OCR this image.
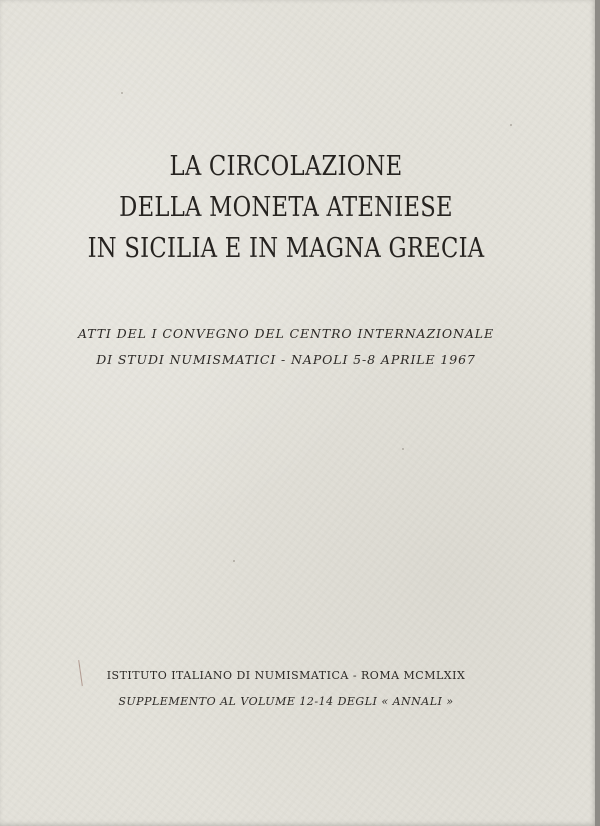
LA CIRCOLAZIONE
DELLA MONETA ATENIESE
IN SICILIA E IN MAGNA GRECIA
ATTI DEL I CONVEGNO DEL CENTRO INTERNAZIONALE
DI STUDI NUMISMATICI - NAPOLI 5-8 APRILE 1967
ISTITUTO ITALIANO DI NUMISMATICA - ROMA MCMLXIX
SUPPLEMENTO AL VOLUME 12-14 DEGLI « ANNALI »
